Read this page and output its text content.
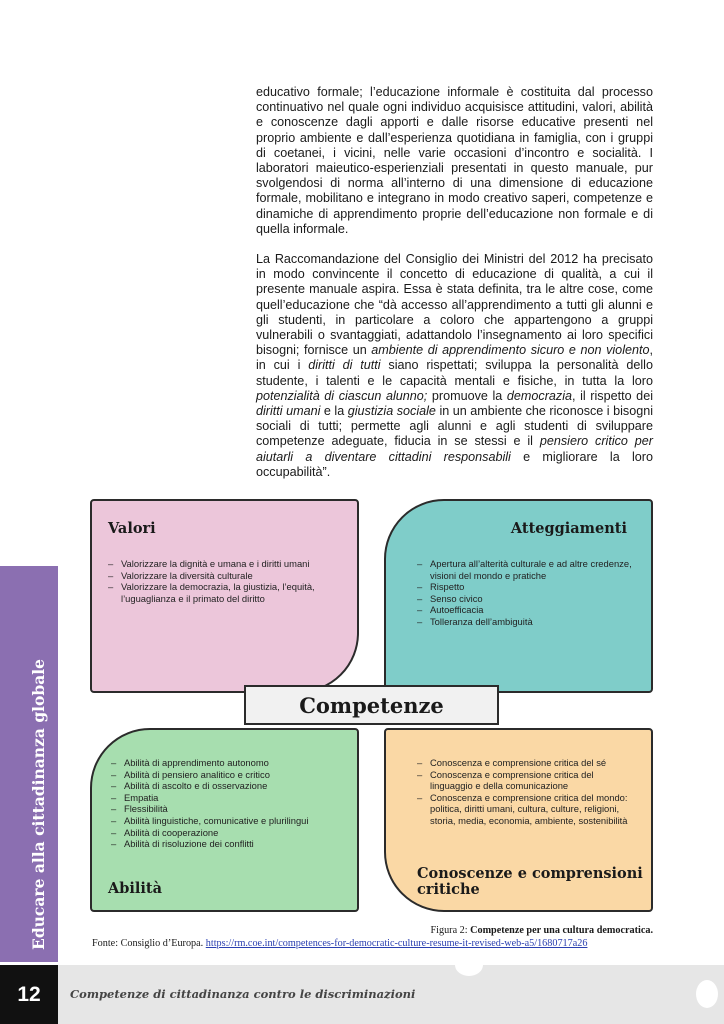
educativo formale; l’educazione informale è costituita dal processo continuativo nel quale ogni individuo acquisisce attitudini, valori, abilità e conoscenze dagli apporti e dalle risorse educative presenti nel proprio ambiente e dall’esperienza quotidiana in famiglia, con i gruppi di coetanei, i vicini, nelle varie occasioni d’incontro e socialità. I laboratori maieutico-esperienziali presentati in questo manuale, pur svolgendosi di norma all’interno di una dimensione di educazione formale, mobilitano e integrano in modo creativo saperi, competenze e dinamiche di apprendimento proprie dell’educazione non formale e di quella informale.

La Raccomandazione del Consiglio dei Ministri del 2012 ha precisato in modo convincente il concetto di educazione di qualità, a cui il presente manuale aspira. Essa è stata definita, tra le altre cose, come quell’educazione che “dà accesso all’apprendimento a tutti gli alunni e gli studenti, in particolare a coloro che appartengono a gruppi vulnerabili o svantaggiati, adattandolo l’insegnamento ai loro specifici bisogni; fornisce un ambiente di apprendimento sicuro e non violento, in cui i diritti di tutti siano rispettati; sviluppa la personalità dello studente, i talenti e le capacità mentali e fisiche, in tutta la loro potenzialità di ciascun alunno; promuove la democrazia, il rispetto dei diritti umani e la giustizia sociale in un ambiente che riconosce i bisogni sociali di tutti; permette agli alunni e agli studenti di sviluppare competenze adeguate, fiducia in se stessi e il pensiero critico per aiutarli a diventare cittadini responsabili e migliorare la loro occupabilità”.

Valori
– Valorizzare la dignità e umana e i diritti umani
– Valorizzare la diversità culturale
– Valorizzare la democrazia, la giustizia, l’equità, l’uguaglianza e il primato del diritto
Atteggiamenti
– Apertura all’alterità culturale e ad altre credenze, visioni del mondo e pratiche
– Rispetto
– Senso civico
– Autoefficacia
– Tolleranza dell’ambiguità
– Abilità di apprendimento autonomo
– Abilità di pensiero analitico e critico
– Abilità di ascolto e di osservazione
– Empatia
– Flessibilità
– Abilità linguistiche, comunicative e plurilingui
– Abilità di cooperazione
– Abilità di risoluzione dei conflitti
Abilità
– Conoscenza e comprensione critica del sé
– Conoscenza e comprensione critica del linguaggio e della comunicazione
– Conoscenza e comprensione critica del mondo: politica, diritti umani, cultura, culture, religioni, storia, media, economia, ambiente, sostenibilità
Conoscenze e comprensioni critiche
Competenze
Figura 2: Competenze per una cultura democratica.
Fonte: Consiglio d’Europa. https://rm.coe.int/competences-for-democratic-culture-resume-it-revised-web-a5/1680717a26
Educare alla cittadinanza globale
12	Competenze di cittadinanza contro le discriminazioni
